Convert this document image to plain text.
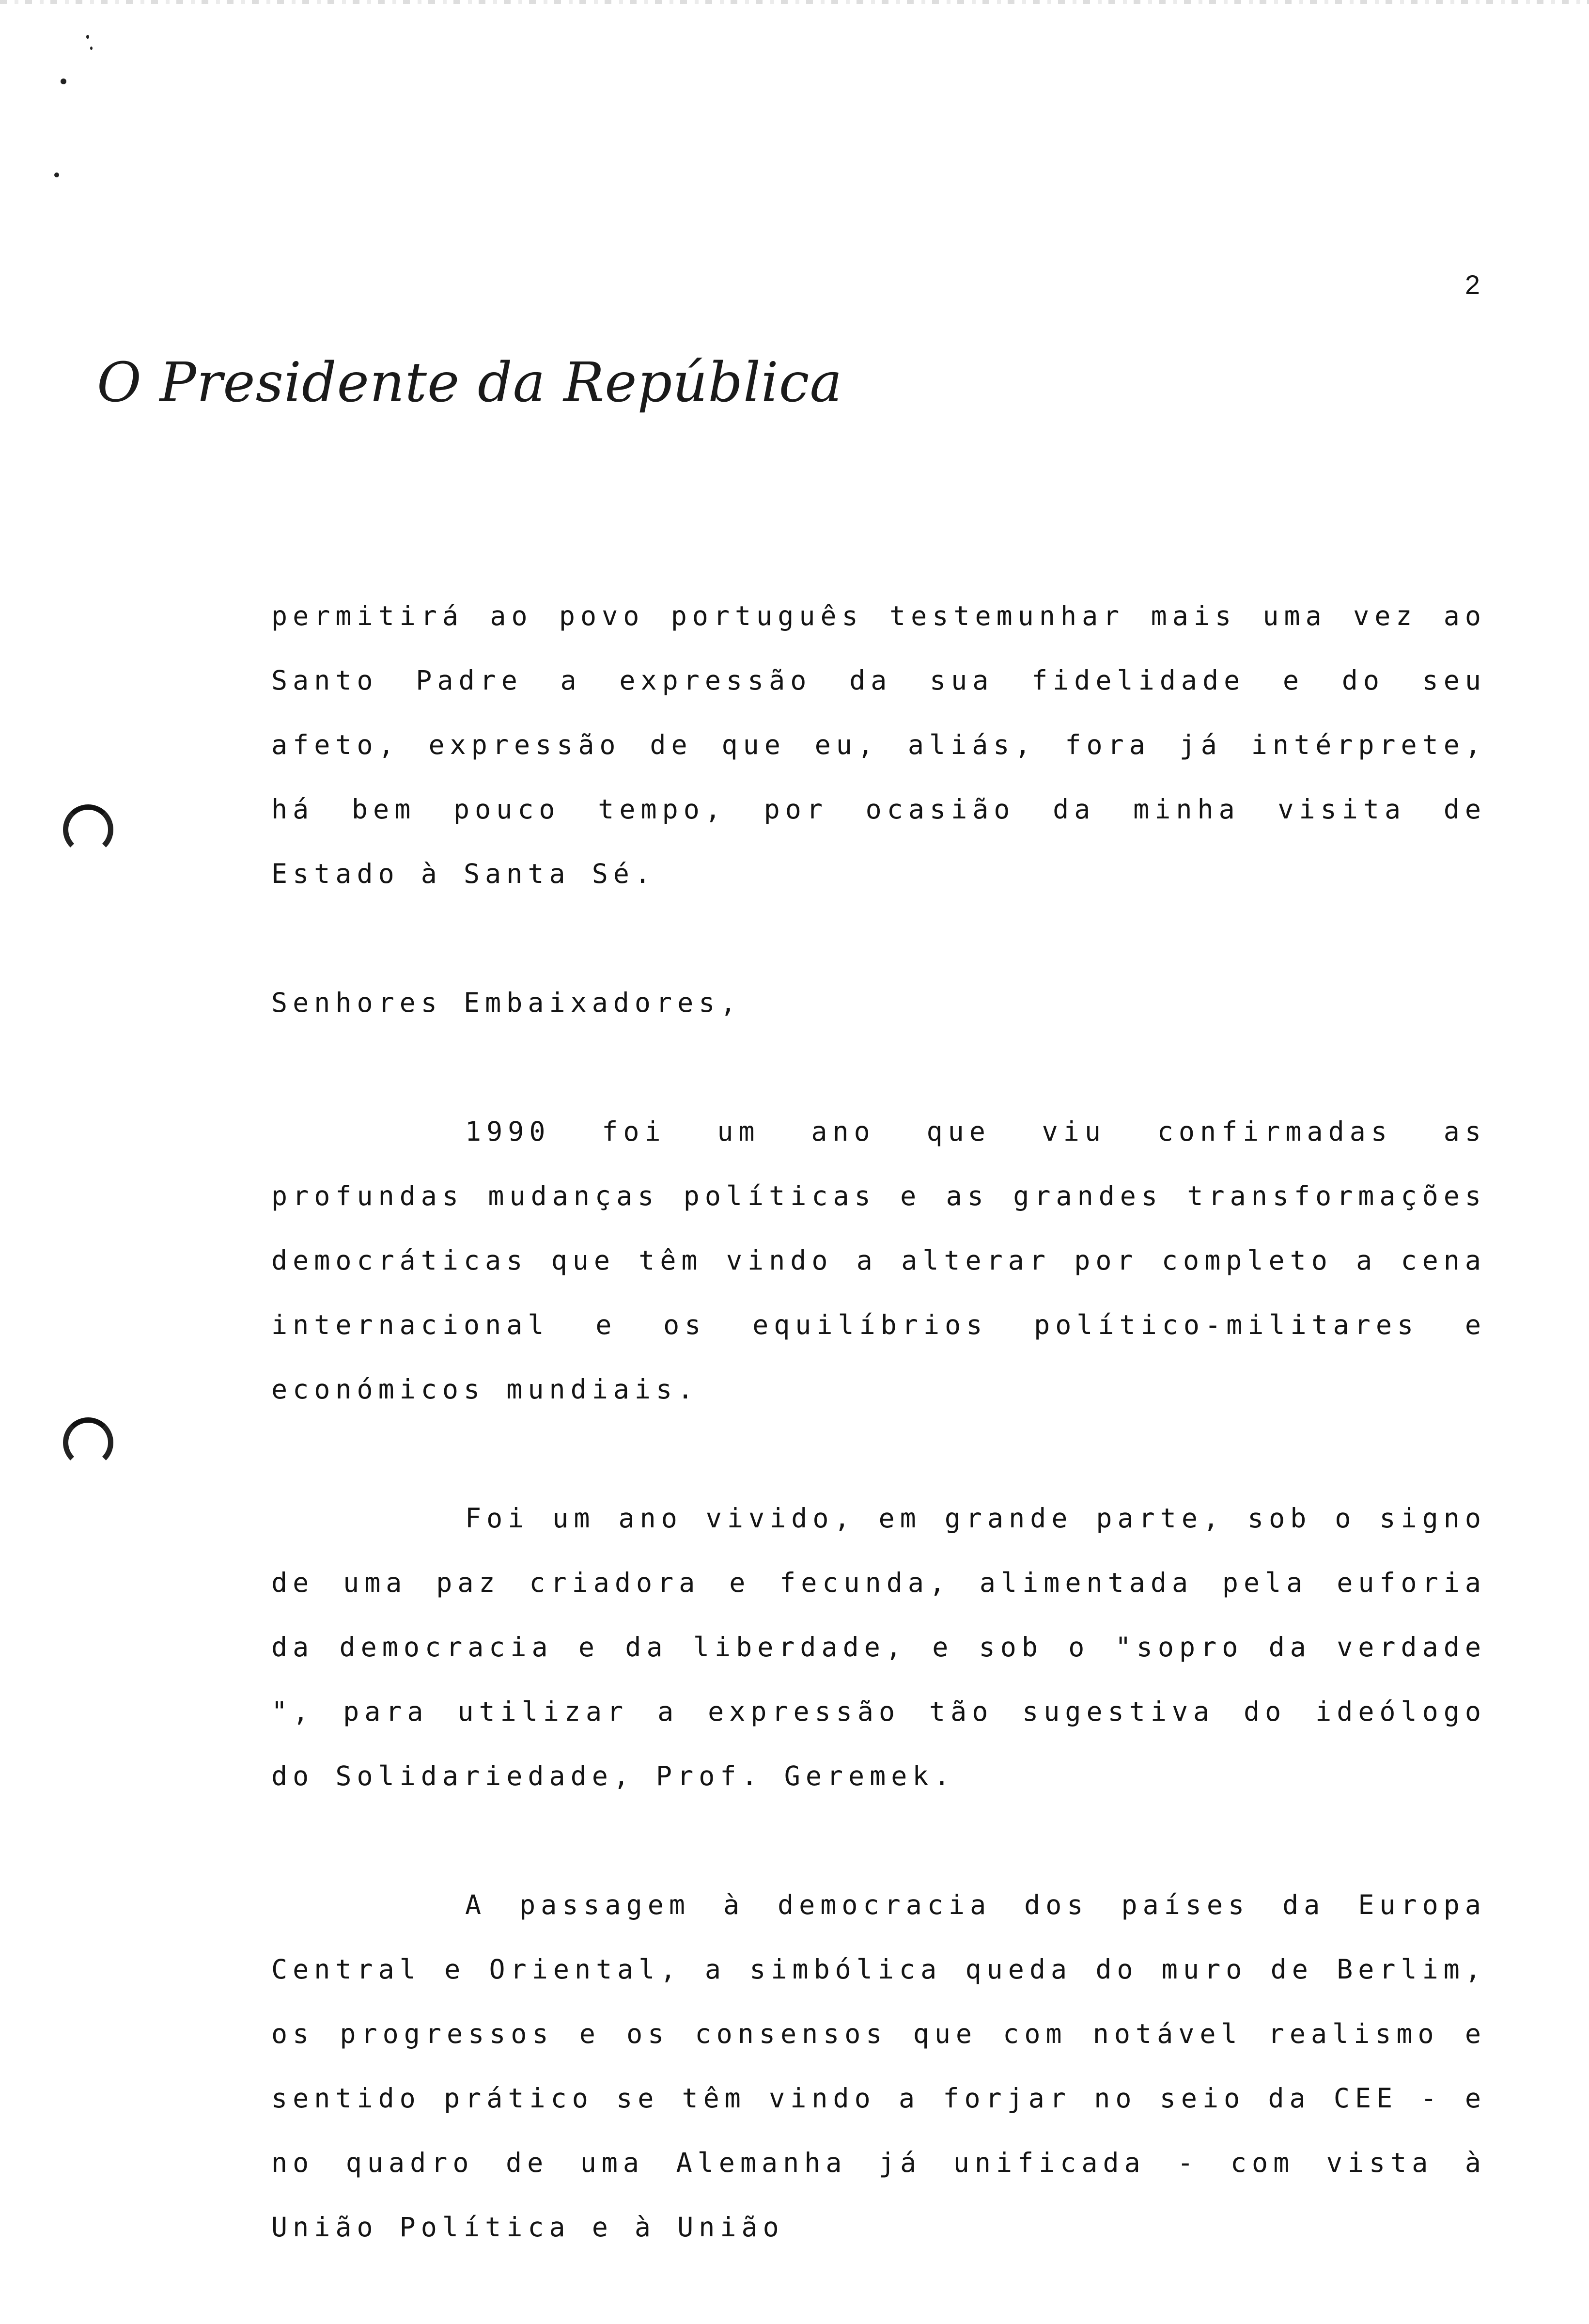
2
O Presidente da República

permitirá ao povo português testemunhar mais uma vez ao Santo Padre a expressão da sua fidelidade e do seu afeto, expressão de que eu, aliás, fora já intérprete, há bem pouco tempo, por ocasião da minha visita de Estado à Santa Sé.

Senhores Embaixadores,

1990 foi um ano que viu confirmadas as profundas mudanças políticas e as grandes transformações democráticas que têm vindo a alterar por completo a cena internacional e os equilíbrios político-militares e económicos mundiais.

Foi um ano vivido, em grande parte, sob o signo de uma paz criadora e fecunda, alimentada pela euforia da democracia e da liberdade, e sob o "sopro da verdade ", para utilizar a expressão tão sugestiva do ideólogo do Solidariedade, Prof. Geremek.

A passagem à democracia dos países da Europa Central e Oriental, a simbólica queda do muro de Berlim, os progressos e os consensos que com notável realismo e sentido prático se têm vindo a forjar no seio da CEE - e no quadro de uma Alemanha já unificada - com vista à União Política e à União
